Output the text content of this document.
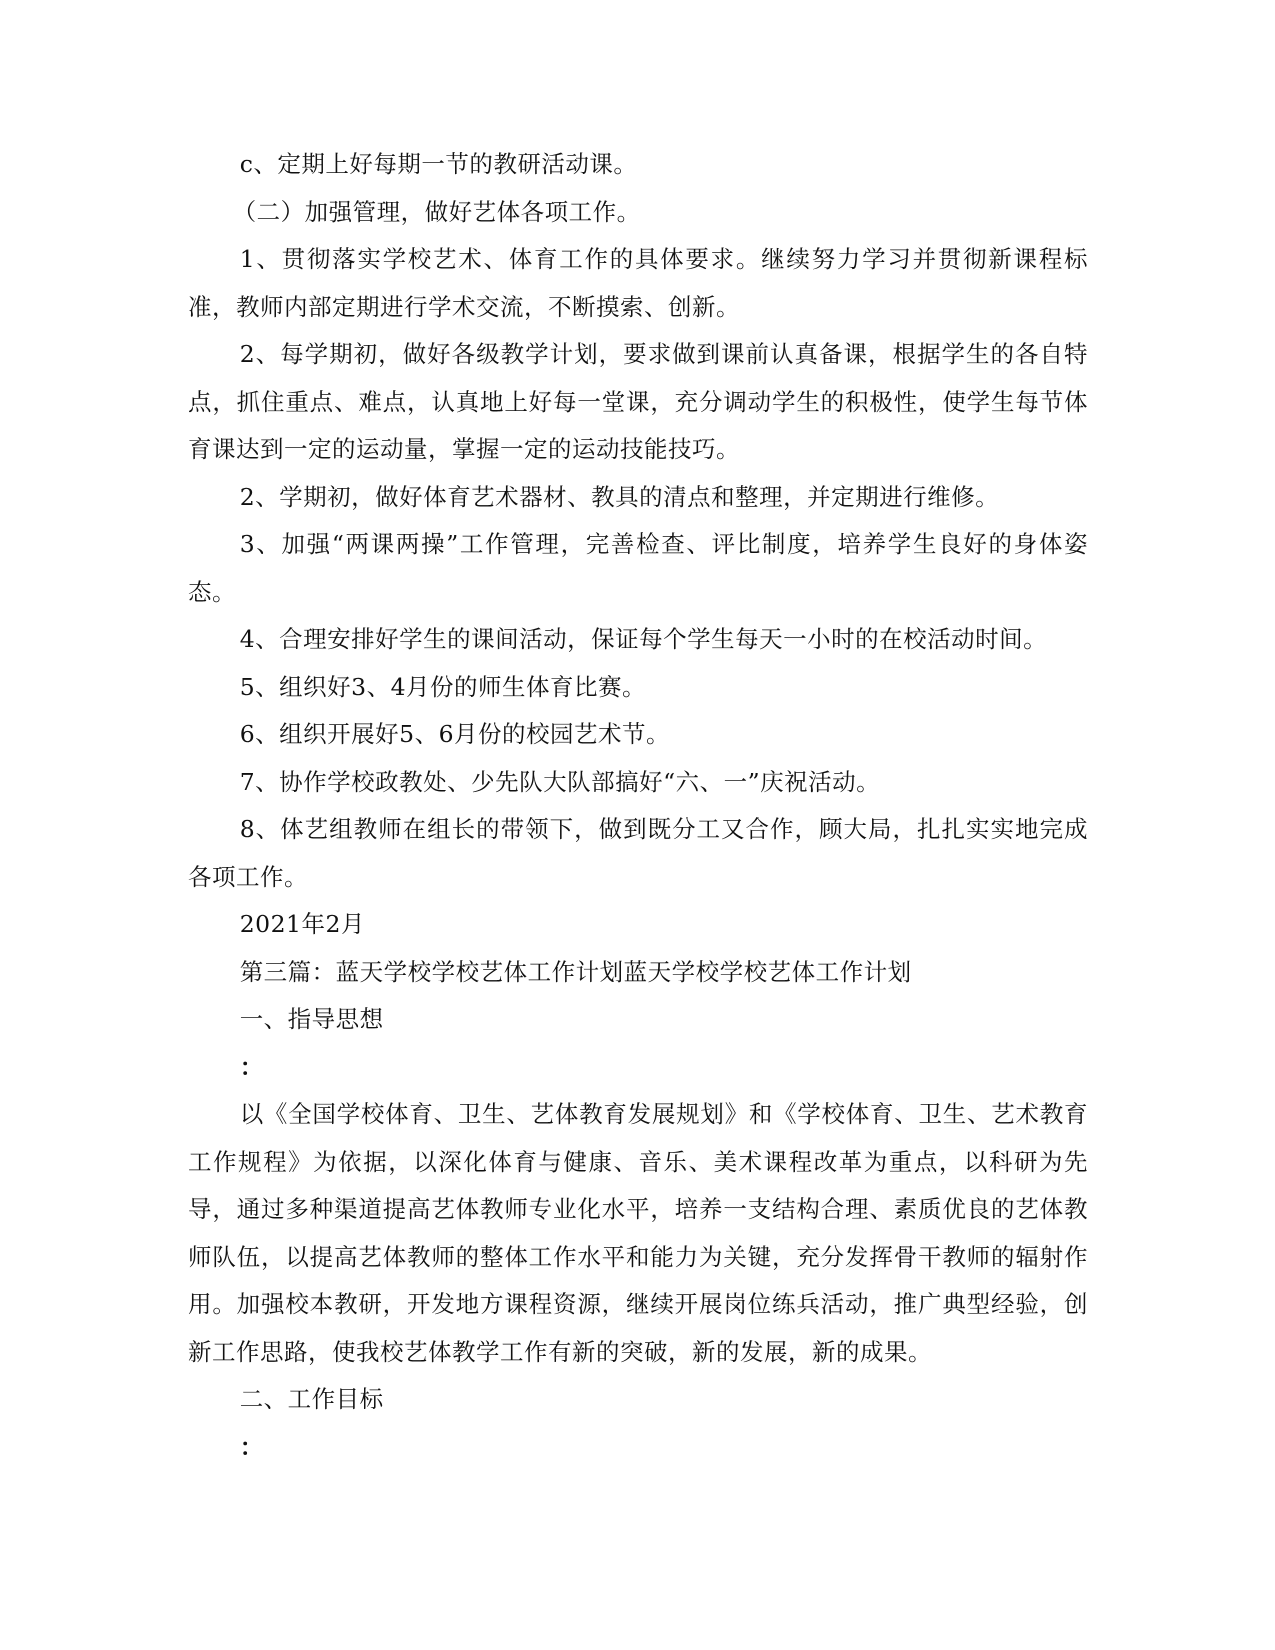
c、定期上好每期一节的教研活动课。

（二）加强管理，做好艺体各项工作。

1、贯彻落实学校艺术、体育工作的具体要求。继续努力学习并贯彻新课程标准，教师内部定期进行学术交流，不断摸索、创新。

2、每学期初，做好各级教学计划，要求做到课前认真备课，根据学生的各自特点，抓住重点、难点，认真地上好每一堂课，充分调动学生的积极性，使学生每节体育课达到一定的运动量，掌握一定的运动技能技巧。

2、学期初，做好体育艺术器材、教具的清点和整理，并定期进行维修。

3、加强“两课两操”工作管理，完善检查、评比制度，培养学生良好的身体姿态。

4、合理安排好学生的课间活动，保证每个学生每天一小时的在校活动时间。

5、组织好3、4月份的师生体育比赛。

6、组织开展好5、6月份的校园艺术节。

7、协作学校政教处、少先队大队部搞好“六、一”庆祝活动。

8、体艺组教师在组长的带领下，做到既分工又合作，顾大局，扎扎实实地完成各项工作。

2021年2月

第三篇：蓝天学校学校艺体工作计划蓝天学校学校艺体工作计划

一、指导思想

：

以《全国学校体育、卫生、艺体教育发展规划》和《学校体育、卫生、艺术教育工作规程》为依据，以深化体育与健康、音乐、美术课程改革为重点，以科研为先导，通过多种渠道提高艺体教师专业化水平，培养一支结构合理、素质优良的艺体教师队伍，以提高艺体教师的整体工作水平和能力为关键，充分发挥骨干教师的辐射作用。加强校本教研，开发地方课程资源，继续开展岗位练兵活动，推广典型经验，创新工作思路，使我校艺体教学工作有新的突破，新的发展，新的成果。

二、工作目标

：
